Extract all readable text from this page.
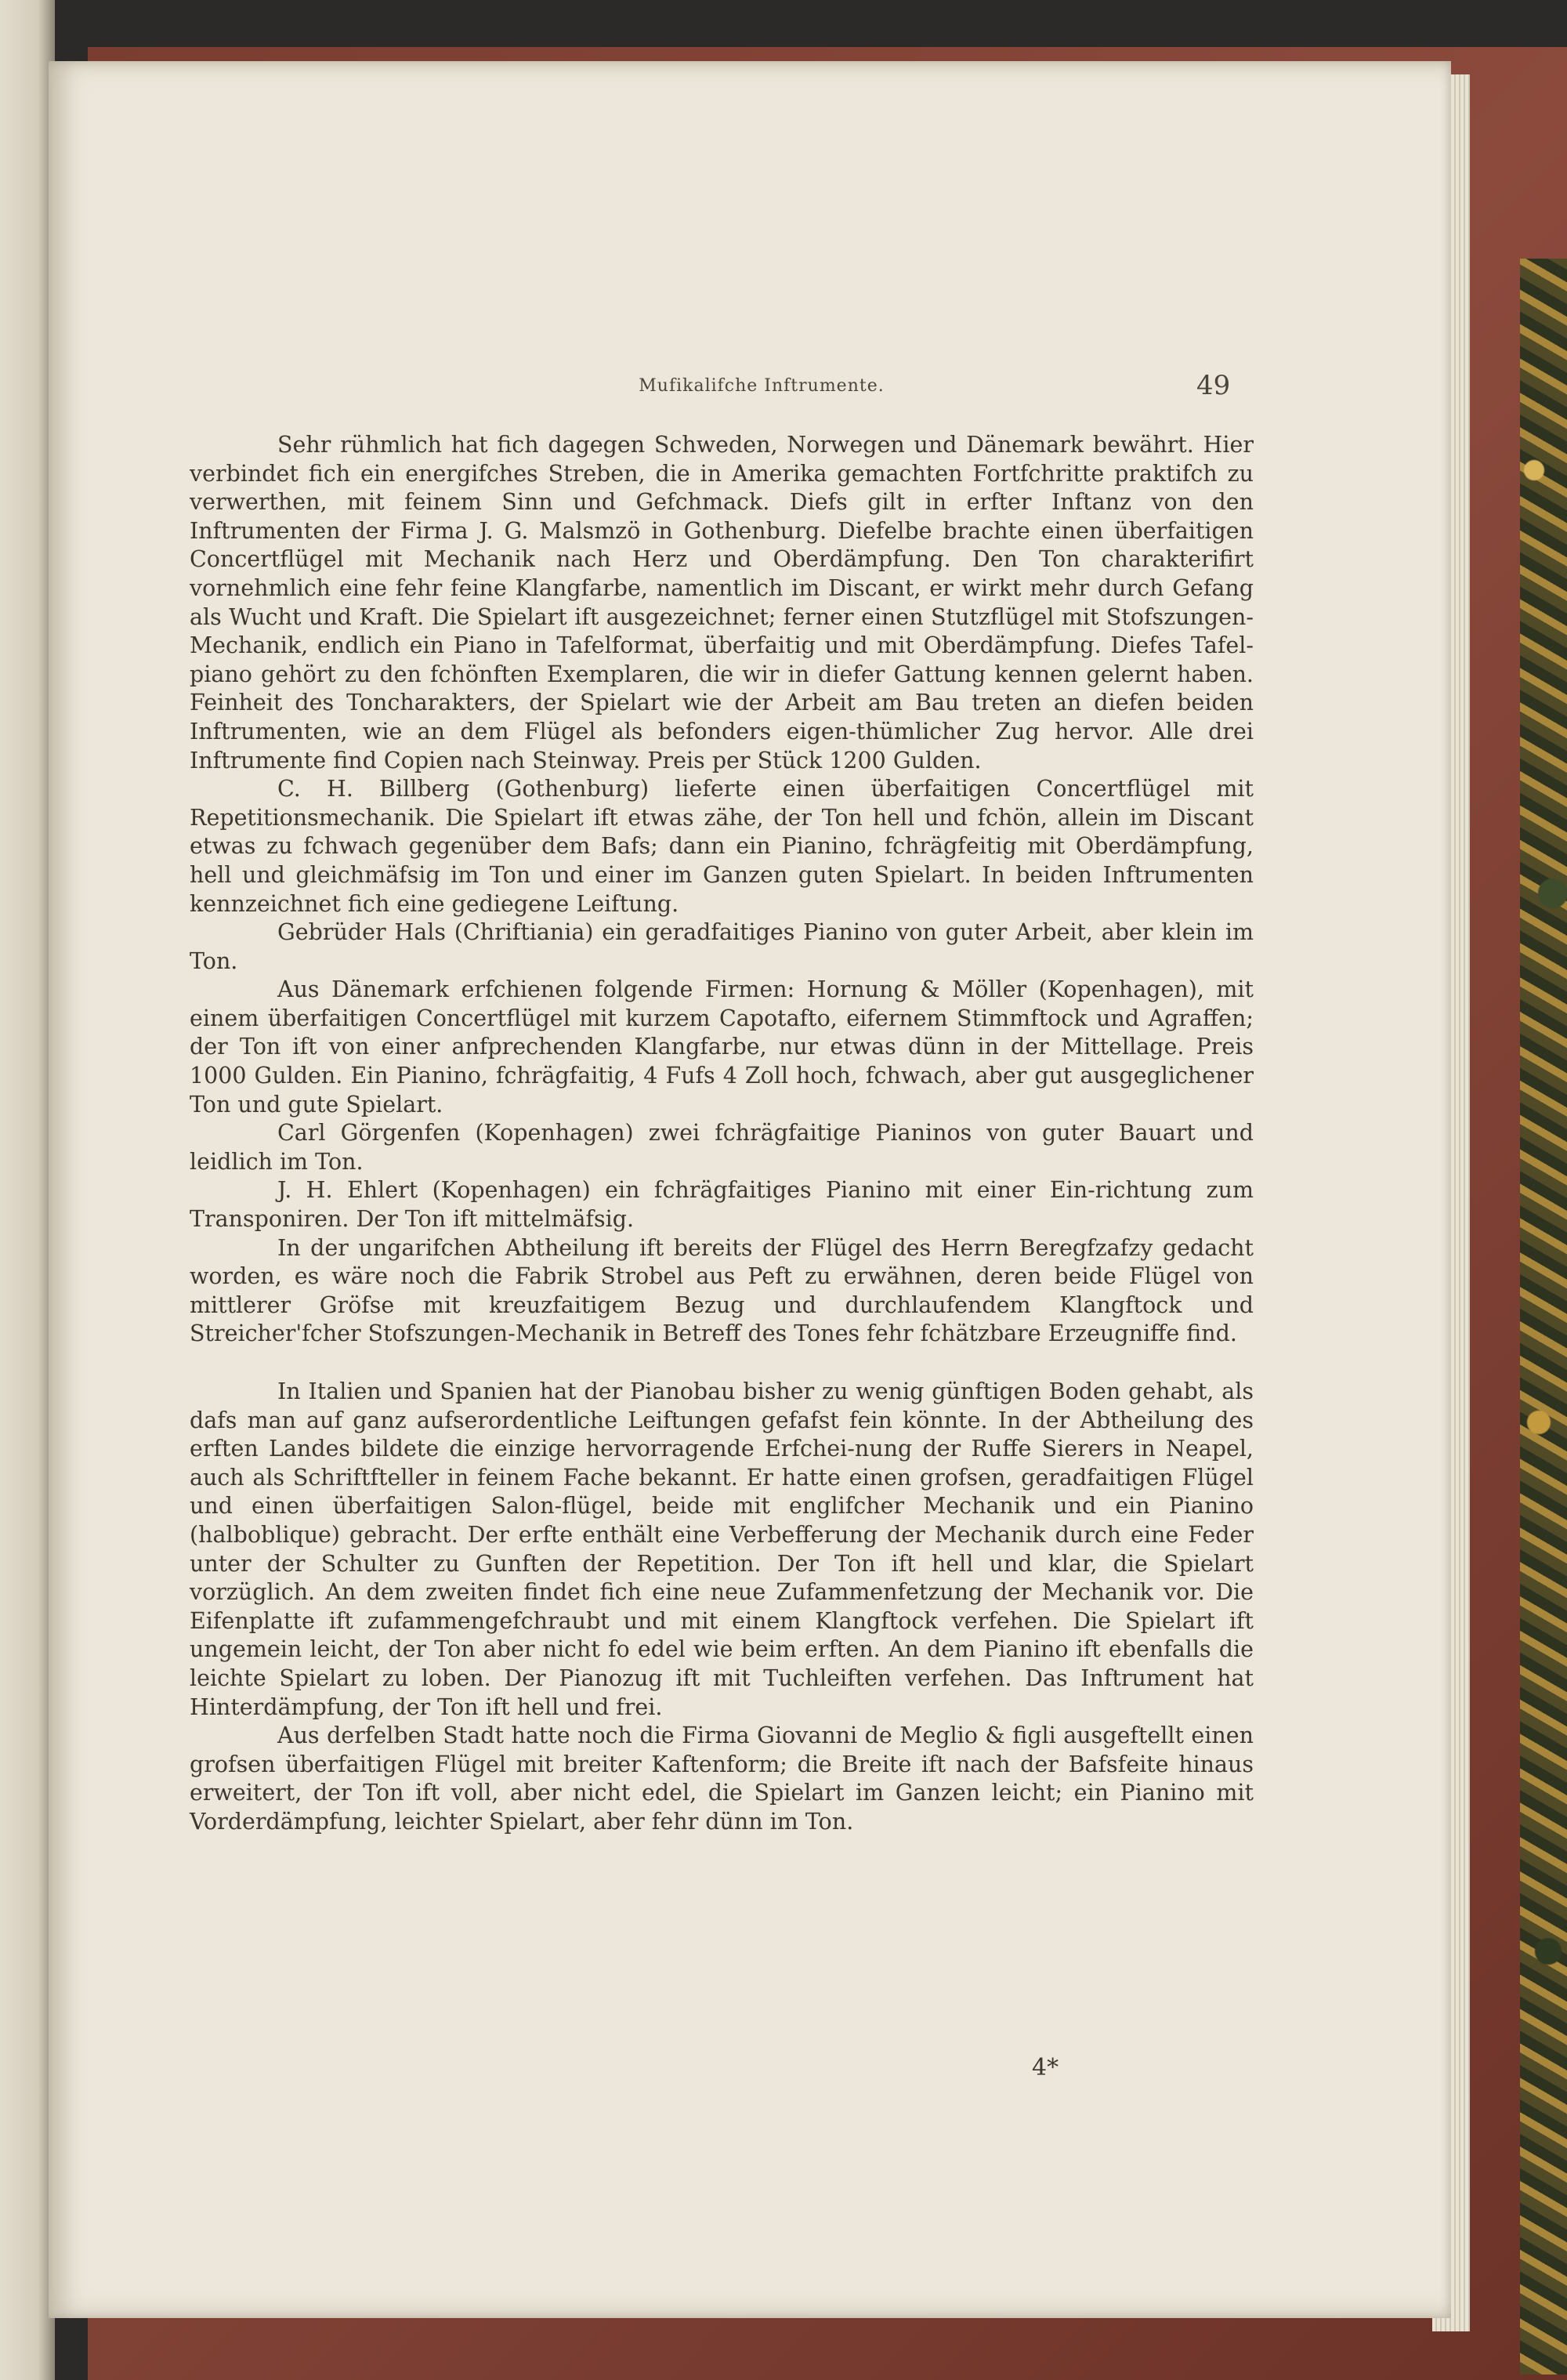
Mufikalifche Inftrumente.	49

Sehr rühmlich hat fich dagegen Schweden, Norwegen und Dänemark bewährt. Hier verbindet fich ein energifches Streben, die in Amerika gemachten Fortfchritte praktifch zu verwerthen, mit feinem Sinn und Gefchmack. Diefs gilt in erfter Inftanz von den Inftrumenten der Firma J. G. Malsmzö in Gothenburg. Diefelbe brachte einen überfaitigen Concertflügel mit Mechanik nach Herz und Oberdämpfung. Den Ton charakterifirt vornehmlich eine fehr feine Klangfarbe, namentlich im Discant, er wirkt mehr durch Gefang als Wucht und Kraft. Die Spielart ift ausgezeichnet; ferner einen Stutzflügel mit Stofszungen-Mechanik, endlich ein Piano in Tafelformat, überfaitig und mit Oberdämpfung. Diefes Tafel-piano gehört zu den fchönften Exemplaren, die wir in diefer Gattung kennen gelernt haben. Feinheit des Toncharakters, der Spielart wie der Arbeit am Bau treten an diefen beiden Inftrumenten, wie an dem Flügel als befonders eigen-thümlicher Zug hervor. Alle drei Inftrumente find Copien nach Steinway. Preis per Stück 1200 Gulden.

C. H. Billberg (Gothenburg) lieferte einen überfaitigen Concertflügel mit Repetitionsmechanik. Die Spielart ift etwas zähe, der Ton hell und fchön, allein im Discant etwas zu fchwach gegenüber dem Bafs; dann ein Pianino, fchrägfeitig mit Oberdämpfung, hell und gleichmäfsig im Ton und einer im Ganzen guten Spielart. In beiden Inftrumenten kennzeichnet fich eine gediegene Leiftung.

Gebrüder Hals (Chriftiania) ein geradfaitiges Pianino von guter Arbeit, aber klein im Ton.

Aus Dänemark erfchienen folgende Firmen: Hornung & Möller (Kopenhagen), mit einem überfaitigen Concertflügel mit kurzem Capotafto, eifernem Stimmftock und Agraffen; der Ton ift von einer anfprechenden Klangfarbe, nur etwas dünn in der Mittellage. Preis 1000 Gulden. Ein Pianino, fchrägfaitig, 4 Fufs 4 Zoll hoch, fchwach, aber gut ausgeglichener Ton und gute Spielart.

Carl Görgenfen (Kopenhagen) zwei fchrägfaitige Pianinos von guter Bauart und leidlich im Ton.

J. H. Ehlert (Kopenhagen) ein fchrägfaitiges Pianino mit einer Ein-richtung zum Transponiren. Der Ton ift mittelmäfsig.

In der ungarifchen Abtheilung ift bereits der Flügel des Herrn Beregfzafzy gedacht worden, es wäre noch die Fabrik Strobel aus Peft zu erwähnen, deren beide Flügel von mittlerer Gröfse mit kreuzfaitigem Bezug und durchlaufendem Klangftock und Streicher'fcher Stofszungen-Mechanik in Betreff des Tones fehr fchätzbare Erzeugniffe find.

In Italien und Spanien hat der Pianobau bisher zu wenig günftigen Boden gehabt, als dafs man auf ganz aufserordentliche Leiftungen gefafst fein könnte. In der Abtheilung des erften Landes bildete die einzige hervorragende Erfchei-nung der Ruffe Sierers in Neapel, auch als Schriftfteller in feinem Fache bekannt. Er hatte einen grofsen, geradfaitigen Flügel und einen überfaitigen Salon-flügel, beide mit englifcher Mechanik und ein Pianino (halboblique) gebracht. Der erfte enthält eine Verbefferung der Mechanik durch eine Feder unter der Schulter zu Gunften der Repetition. Der Ton ift hell und klar, die Spielart vorzüglich. An dem zweiten findet fich eine neue Zufammenfetzung der Mechanik vor. Die Eifenplatte ift zufammengefchraubt und mit einem Klangftock verfehen. Die Spielart ift ungemein leicht, der Ton aber nicht fo edel wie beim erften. An dem Pianino ift ebenfalls die leichte Spielart zu loben. Der Pianozug ift mit Tuchleiften verfehen. Das Inftrument hat Hinterdämpfung, der Ton ift hell und frei.

Aus derfelben Stadt hatte noch die Firma Giovanni de Meglio & figli ausgeftellt einen grofsen überfaitigen Flügel mit breiter Kaftenform; die Breite ift nach der Bafsfeite hinaus erweitert, der Ton ift voll, aber nicht edel, die Spielart im Ganzen leicht; ein Pianino mit Vorderdämpfung, leichter Spielart, aber fehr dünn im Ton.

4*
